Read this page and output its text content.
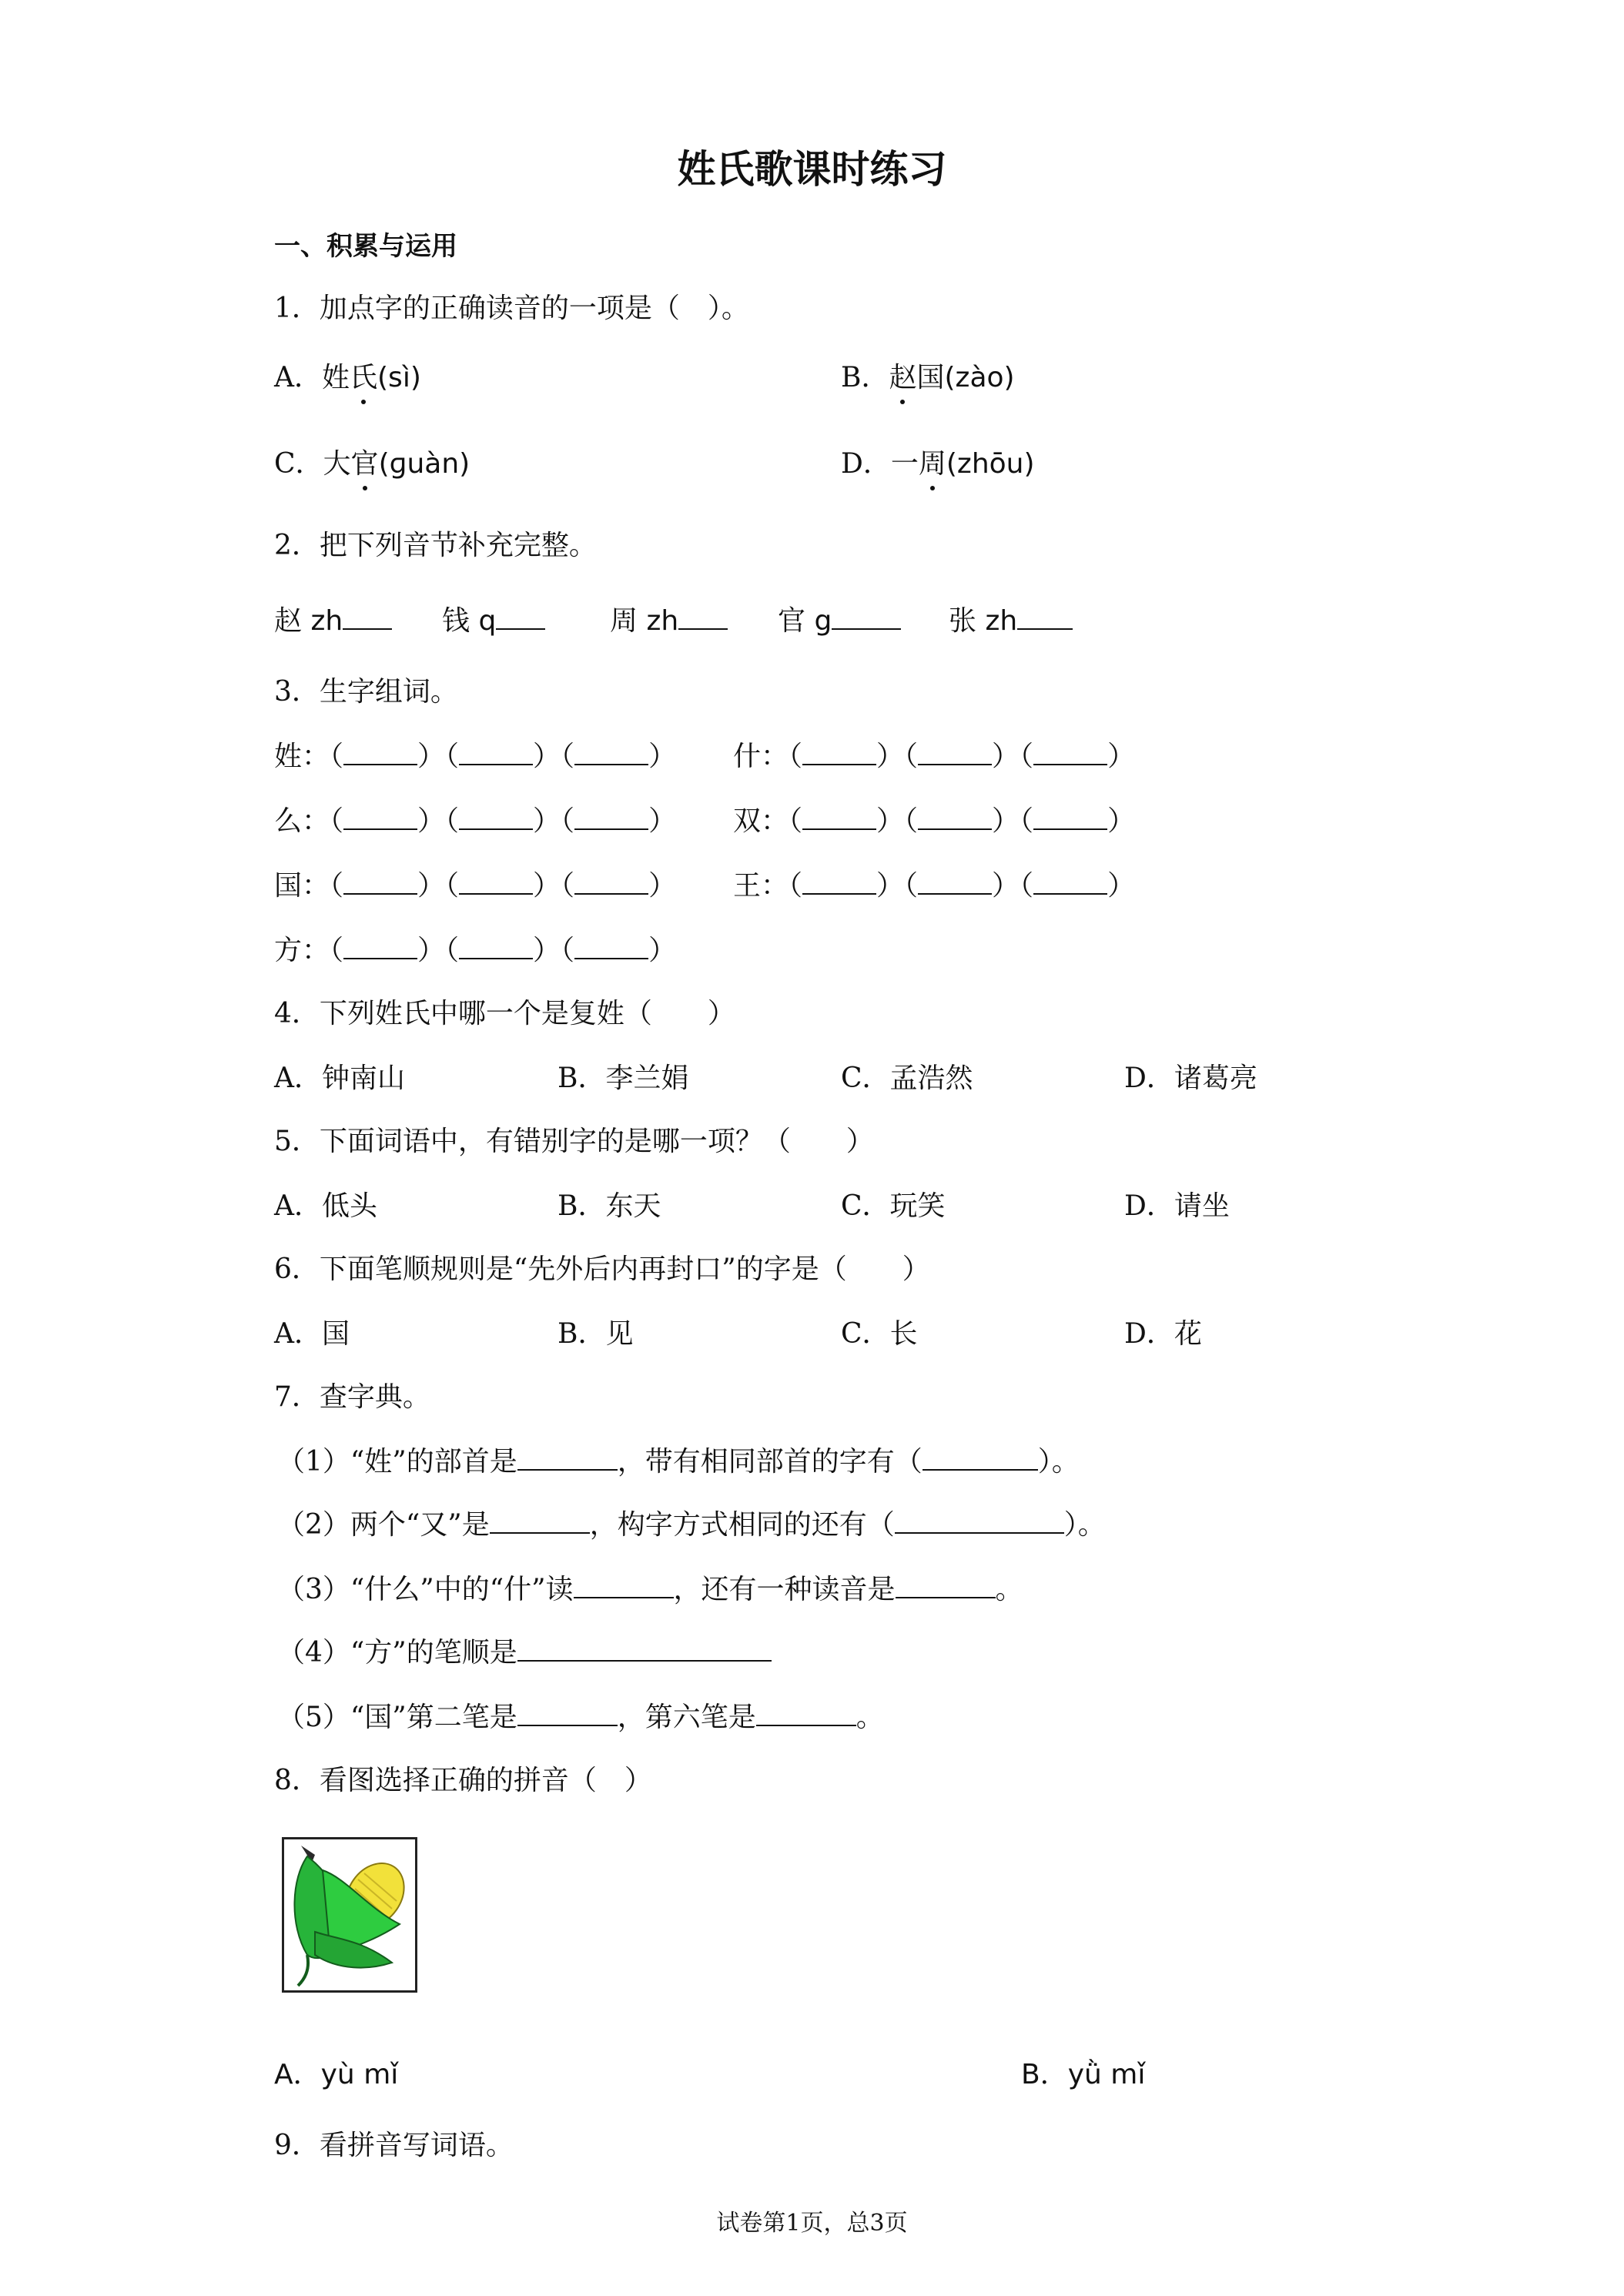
姓氏歌课时练习
一、积累与运用
1．加点字的正确读音的一项是（　）。
A．姓氏(sì)	B．赵国(zào)
C．大官(ɡuàn)	D．一周(zhōu)
2．把下列音节补充完整。
赵 zh	钱 q	周 zh	官 g	张 zh
3．生字组词。
姓：（	）（	）（	） 什：（	）（	）（	）
么：（	）（	）（	） 双：（	）（	）（	）
国：（	）（	）（	） 王：（	）（	）（	）
方：（	）（	）（	）
4．下列姓氏中哪一个是复姓（　　）
A．钟南山	B．李兰娟	C．孟浩然	D．诸葛亮
5．下面词语中，有错别字的是哪一项？（　　）
A．低头	B．东天	C．玩笑	D．请坐
6．下面笔顺规则是“先外后内再封口”的字是（　　）
A．国	B．见	C．长	D．花
7．查字典。
（1）“姓”的部首是	，带有相同部首的字有（	）。
（2）两个“又”是	，构字方式相同的还有（	）。
（3）“什么”中的“什”读	，还有一种读音是	。
（4）“方”的笔顺是
（5）“国”第二笔是	，第六笔是	。
8．看图选择正确的拼音（　）
A．yù mǐ	B．yǜ mǐ
9．看拼音写词语。
试卷第1页，总3页
